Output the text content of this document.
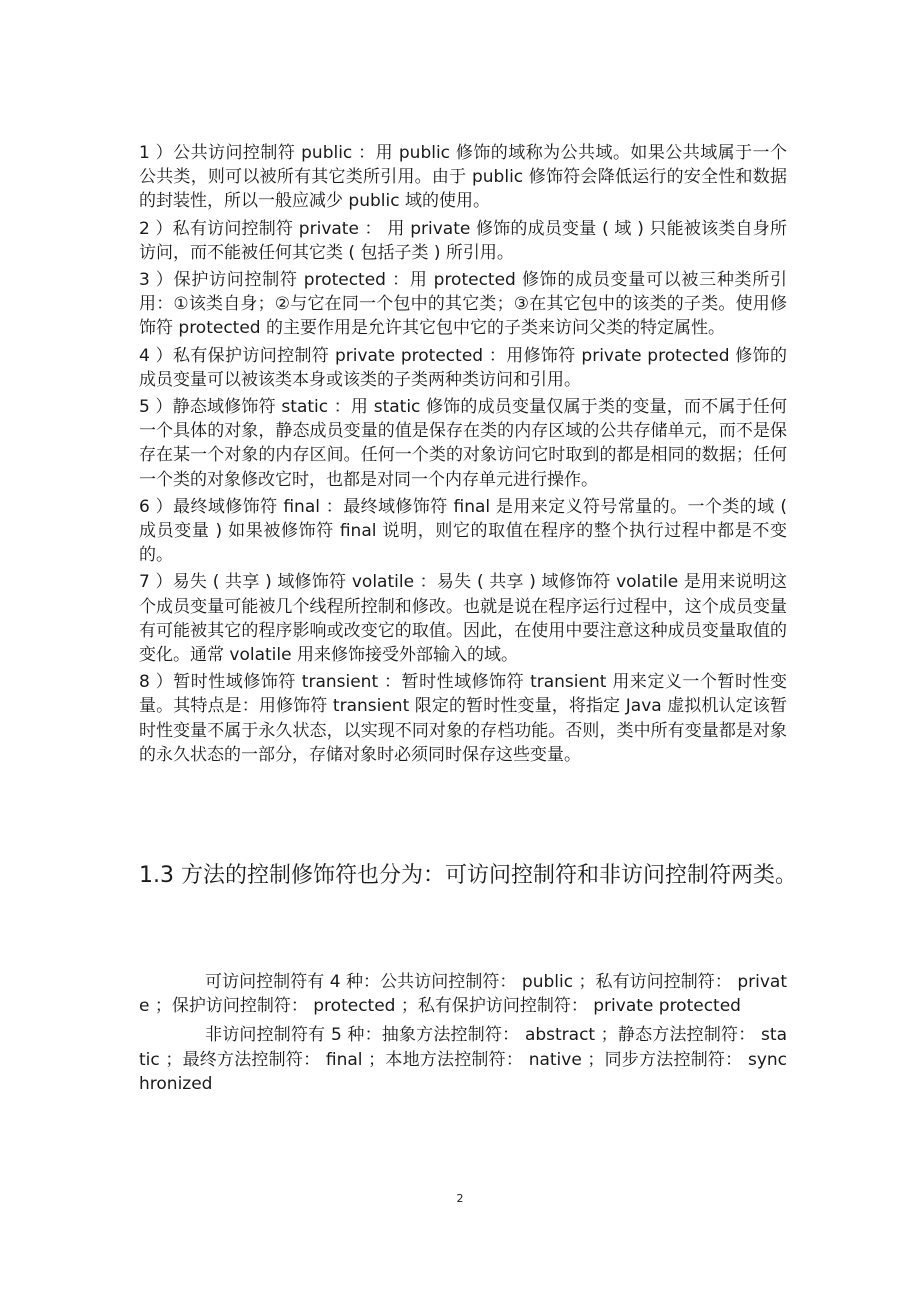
1 ）公共访问控制符 public ：用 public 修饰的域称为公共域。如果公共域属于一个公共类，则可以被所有其它类所引用。由于 public 修饰符会降低运行的安全性和数据的封装性，所以一般应减少 public 域的使用。

2 ）私有访问控制符 private ： 用 private 修饰的成员变量 ( 域 ) 只能被该类自身所访问，而不能被任何其它类 ( 包括子类 ) 所引用。

3 ）保护访问控制符 protected ：用 protected 修饰的成员变量可以被三种类所引用：①该类自身；②与它在同一个包中的其它类；③在其它包中的该类的子类。使用修饰符 protected 的主要作用是允许其它包中它的子类来访问父类的特定属性。

4 ）私有保护访问控制符 private protected ：用修饰符 private protected 修饰的成员变量可以被该类本身或该类的子类两种类访问和引用。

5 ）静态域修饰符 static ：用 static 修饰的成员变量仅属于类的变量，而不属于任何一个具体的对象，静态成员变量的值是保存在类的内存区域的公共存储单元，而不是保存在某一个对象的内存区间。任何一个类的对象访问它时取到的都是相同的数据；任何一个类的对象修改它时，也都是对同一个内存单元进行操作。

6 ）最终域修饰符 final ：最终域修饰符 final 是用来定义符号常量的。一个类的域 ( 成员变量 ) 如果被修饰符 final 说明，则它的取值在程序的整个执行过程中都是不变的。

7 ）易失 ( 共享 ) 域修饰符 volatile ：易失 ( 共享 ) 域修饰符 volatile 是用来说明这个成员变量可能被几个线程所控制和修改。也就是说在程序运行过程中，这个成员变量有可能被其它的程序影响或改变它的取值。因此，在使用中要注意这种成员变量取值的变化。通常 volatile 用来修饰接受外部输入的域。

8 ）暂时性域修饰符 transient ：暂时性域修饰符 transient 用来定义一个暂时性变量。其特点是：用修饰符 transient 限定的暂时性变量，将指定 Java 虚拟机认定该暂时性变量不属于永久状态，以实现不同对象的存档功能。否则，类中所有变量都是对象的永久状态的一部分，存储对象时必须同时保存这些变量。

1.3 方法的控制修饰符也分为：可访问控制符和非访问控制符两类。

可访问控制符有 4 种：公共访问控制符： public ；私有访问控制符： private ；保护访问控制符： protected ；私有保护访问控制符： private protected

非访问控制符有 5 种：抽象方法控制符： abstract ；静态方法控制符： static ；最终方法控制符： final ；本地方法控制符： native ；同步方法控制符： synchronized

2
